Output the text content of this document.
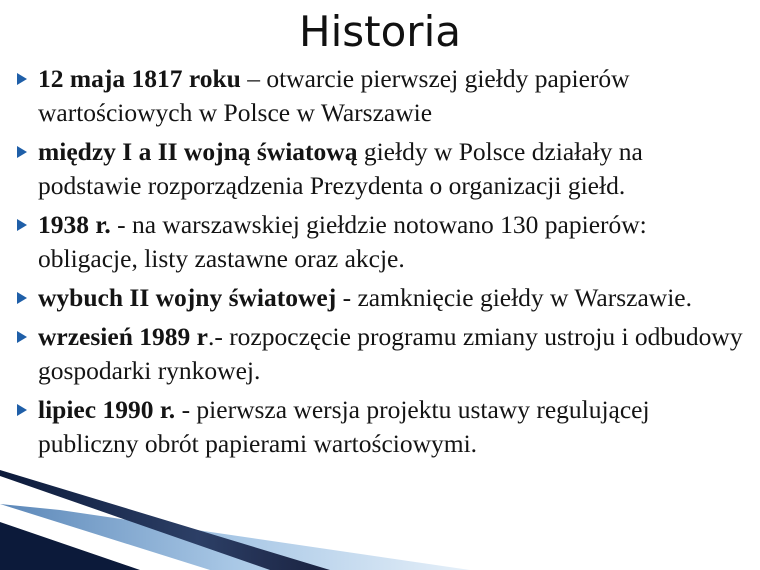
Historia
12 maja 1817 roku – otwarcie pierwszej giełdy papierów wartościowych w Polsce w Warszawie
między I a II wojną światową giełdy w Polsce działały na podstawie rozporządzenia Prezydenta o organizacji giełd.
1938 r. - na warszawskiej giełdzie notowano 130 papierów: obligacje, listy zastawne oraz akcje.
wybuch II wojny światowej - zamknięcie giełdy w Warszawie.
wrzesień 1989 r.- rozpoczęcie programu zmiany ustroju i odbudowy gospodarki rynkowej.
lipiec 1990 r. - pierwsza wersja projektu ustawy regulującej publiczny obrót papierami wartościowymi.
